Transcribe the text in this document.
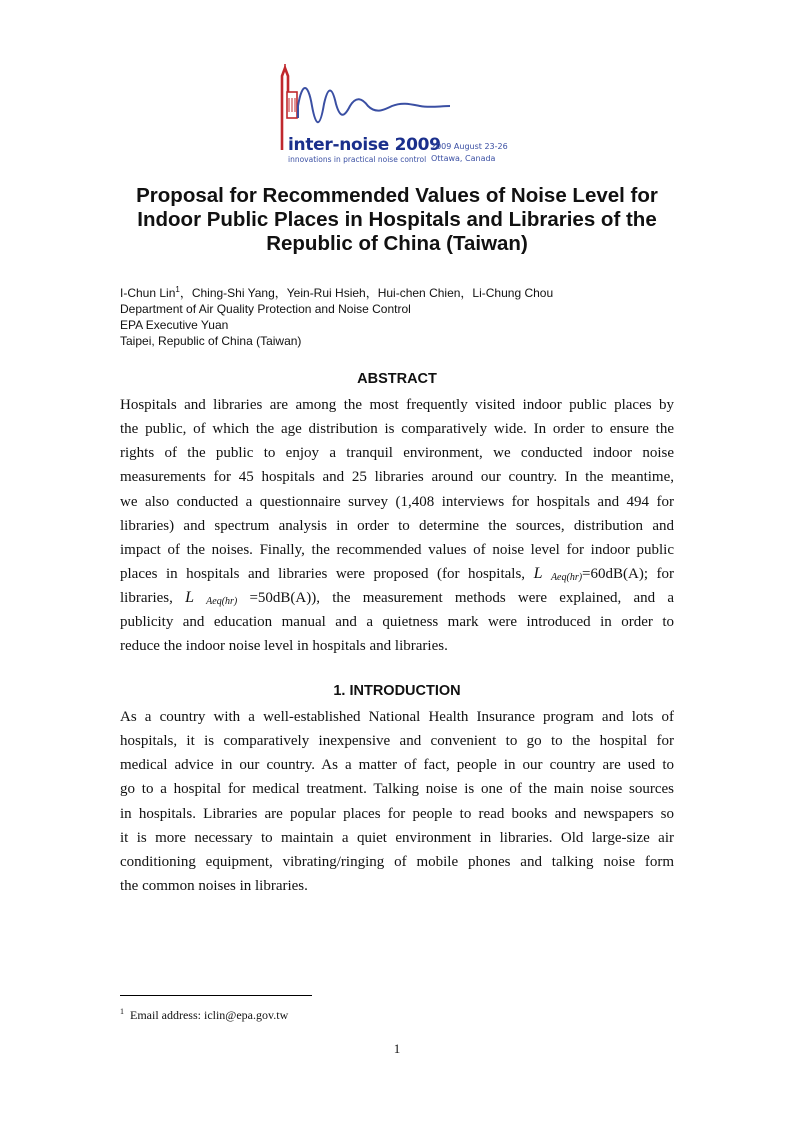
inter-noise 2009
innovations in practical noise control
2009 August 23-26
Ottawa, Canada
Proposal for Recommended Values of Noise Level for
Indoor Public Places in Hospitals and Libraries of the
Republic of China (Taiwan)
I-Chun Lin$^1$，Ching-Shi Yang，Yein-Rui Hsieh，Hui-chen Chien，Li-Chung Chou
Department of Air Quality Protection and Noise Control
EPA Executive Yuan
Taipei, Republic of China (Taiwan)
ABSTRACT
Hospitals and libraries are among the most frequently visited indoor public places by
the public, of which the age distribution is comparatively wide. In order to ensure the
rights of the public to enjoy a tranquil environment, we conducted indoor noise
measurements for 45 hospitals and 25 libraries around our country. In the meantime,
we also conducted a questionnaire survey (1,408 interviews for hospitals and 494 for
libraries) and spectrum analysis in order to determine the sources, distribution and
impact of the noises. Finally, the recommended values of noise level for indoor public
places in hospitals and libraries were proposed (for hospitals, L $_{Aeq(hr)}$=60dB(A); for
libraries, L $_{Aeq(hr)}$ =50dB(A)), the measurement methods were explained, and a
publicity and education manual and a quietness mark were introduced in order to
reduce the indoor noise level in hospitals and libraries.
1. INTRODUCTION
As a country with a well-established National Health Insurance program and lots of
hospitals, it is comparatively inexpensive and convenient to go to the hospital for
medical advice in our country. As a matter of fact, people in our country are used to
go to a hospital for medical treatment. Talking noise is one of the main noise sources
in hospitals. Libraries are popular places for people to read books and newspapers so
it is more necessary to maintain a quiet environment in libraries. Old large-size air
conditioning equipment, vibrating/ringing of mobile phones and talking noise form
the common noises in libraries.
$^1$ Email address: iclin@epa.gov.tw
1
